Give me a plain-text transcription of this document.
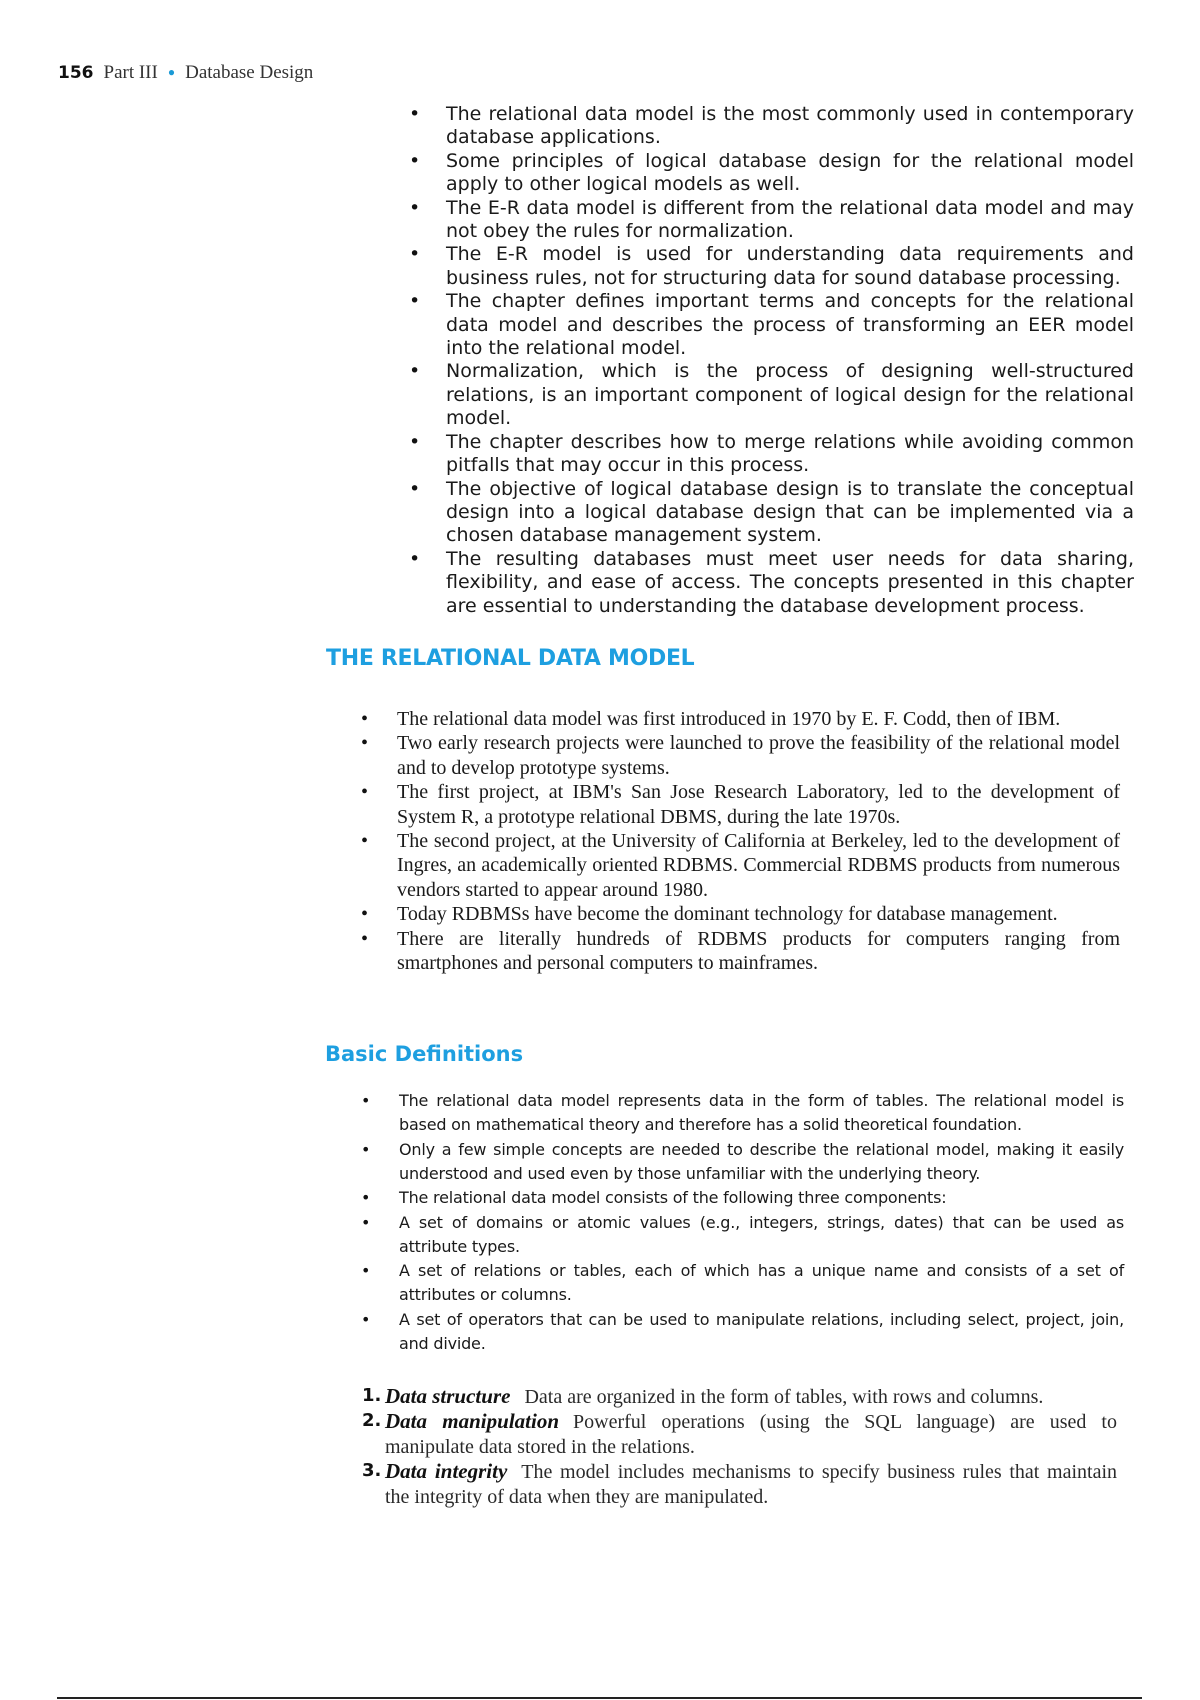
156 Part III ● Database Design
• The relational data model is the most commonly used in contemporary database applications.
• Some principles of logical database design for the relational model apply to other logical models as well.
• The E-R data model is different from the relational data model and may not obey the rules for normalization.
• The E-R model is used for understanding data requirements and business rules, not for structuring data for sound database processing.
• The chapter defines important terms and concepts for the relational data model and describes the process of transforming an EER model into the relational model.
• Normalization, which is the process of designing well-structured relations, is an important component of logical design for the relational model.
• The chapter describes how to merge relations while avoiding common pitfalls that may occur in this process.
• The objective of logical database design is to translate the conceptual design into a logical database design that can be implemented via a chosen database management system.
• The resulting databases must meet user needs for data sharing, flexibility, and ease of access. The concepts presented in this chapter are essential to understanding the database development process.
THE RELATIONAL DATA MODEL
• The relational data model was first introduced in 1970 by E. F. Codd, then of IBM.
• Two early research projects were launched to prove the feasibility of the relational model and to develop prototype systems.
• The first project, at IBM's San Jose Research Laboratory, led to the development of System R, a prototype relational DBMS, during the late 1970s.
• The second project, at the University of California at Berkeley, led to the development of Ingres, an academically oriented RDBMS. Commercial RDBMS products from numerous vendors started to appear around 1980.
• Today RDBMSs have become the dominant technology for database management.
• There are literally hundreds of RDBMS products for computers ranging from smartphones and personal computers to mainframes.
Basic Definitions
• The relational data model represents data in the form of tables. The relational model is based on mathematical theory and therefore has a solid theoretical foundation.
• Only a few simple concepts are needed to describe the relational model, making it easily understood and used even by those unfamiliar with the underlying theory.
• The relational data model consists of the following three components:
• A set of domains or atomic values (e.g., integers, strings, dates) that can be used as attribute types.
• A set of relations or tables, each of which has a unique name and consists of a set of attributes or columns.
• A set of operators that can be used to manipulate relations, including select, project, join, and divide.
1. Data structure Data are organized in the form of tables, with rows and columns.
2. Data manipulation Powerful operations (using the SQL language) are used to manipulate data stored in the relations.
3. Data integrity The model includes mechanisms to specify business rules that maintain the integrity of data when they are manipulated.
